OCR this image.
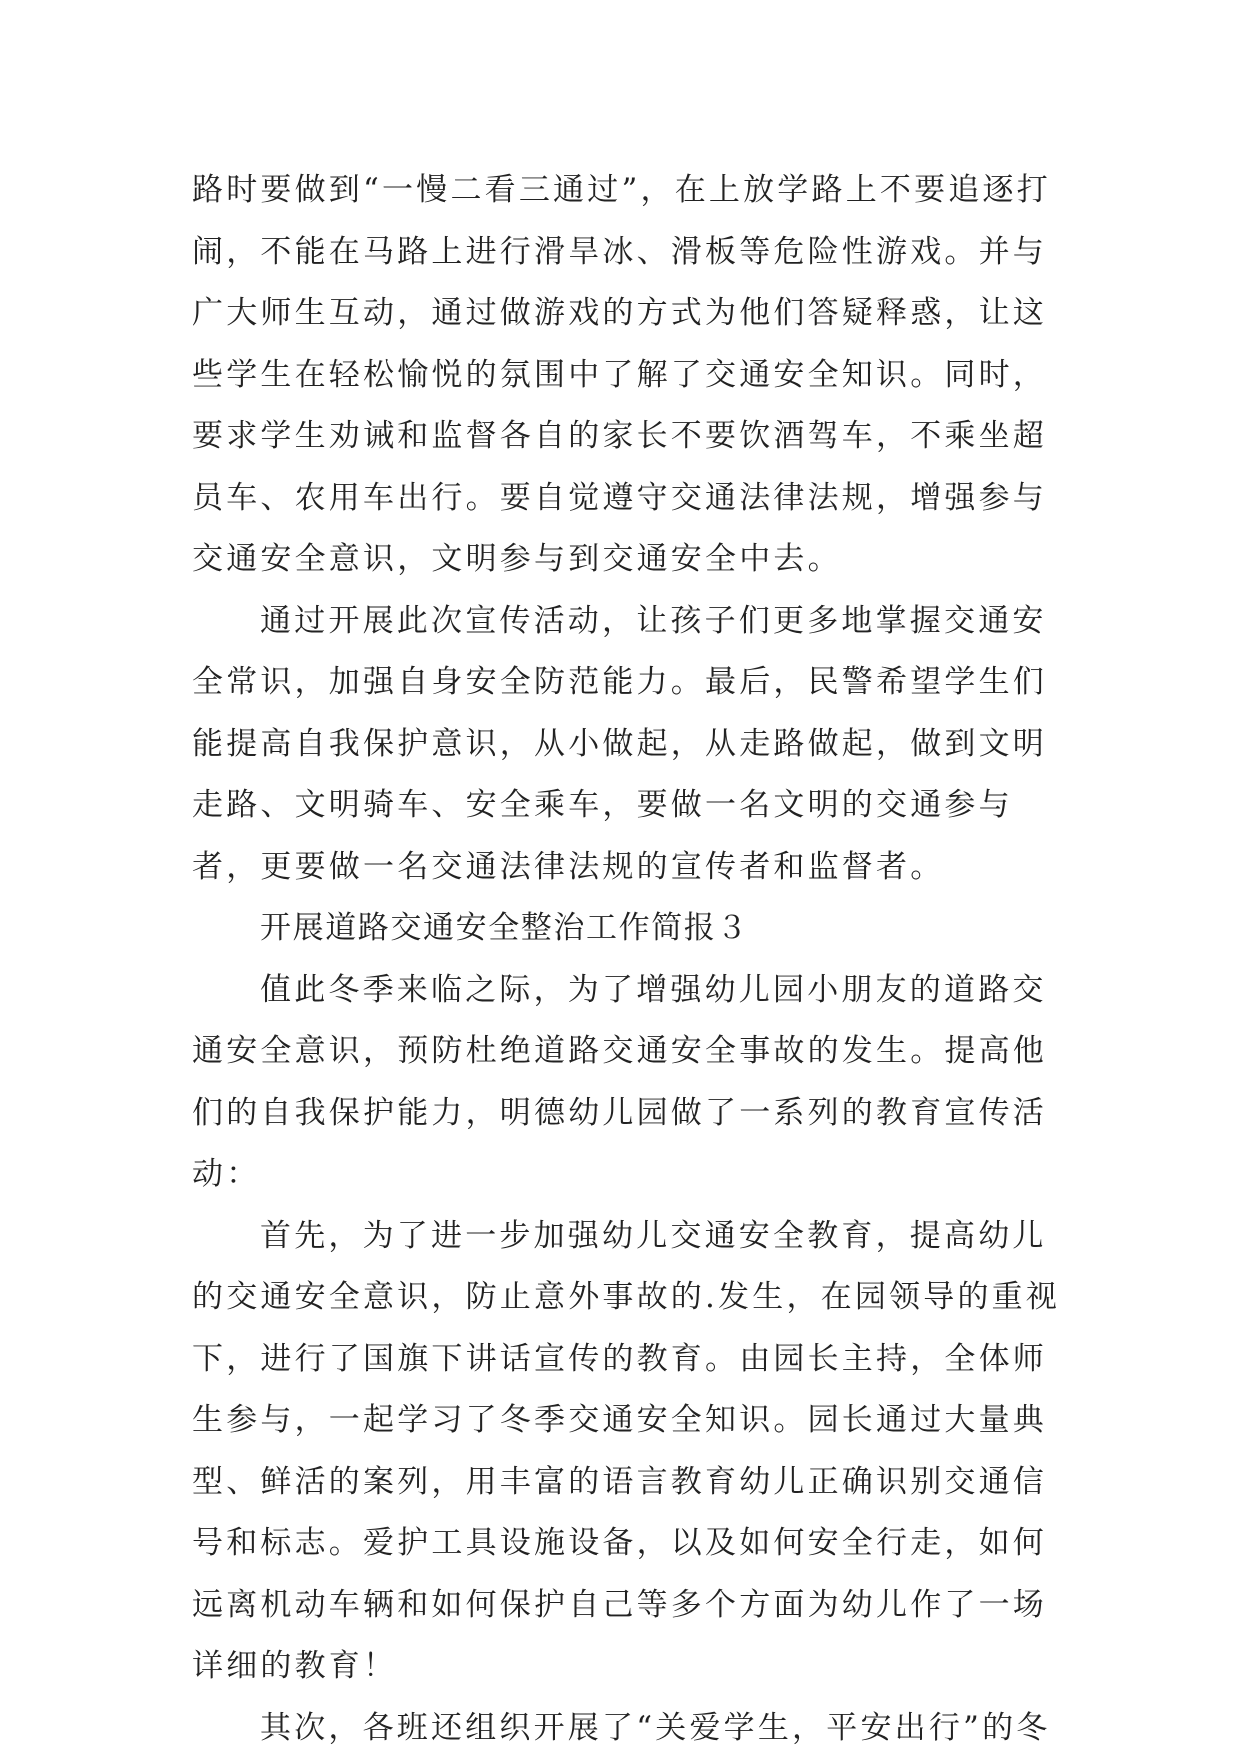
路时要做到“一慢二看三通过”，在上放学路上不要追逐打闹，不能在马路上进行滑旱冰、滑板等危险性游戏。并与广大师生互动，通过做游戏的方式为他们答疑释惑，让这些学生在轻松愉悦的氛围中了解了交通安全知识。同时，要求学生劝诫和监督各自的家长不要饮酒驾车，不乘坐超员车、农用车出行。要自觉遵守交通法律法规，增强参与交通安全意识，文明参与到交通安全中去。

通过开展此次宣传活动，让孩子们更多地掌握交通安全常识，加强自身安全防范能力。最后，民警希望学生们能提高自我保护意识，从小做起，从走路做起，做到文明走路、文明骑车、安全乘车，要做一名文明的交通参与者，更要做一名交通法律法规的宣传者和监督者。

开展道路交通安全整治工作简报３

值此冬季来临之际，为了增强幼儿园小朋友的道路交通安全意识，预防杜绝道路交通安全事故的发生。提高他们的自我保护能力，明德幼儿园做了一系列的教育宣传活动：

首先，为了进一步加强幼儿交通安全教育，提高幼儿的交通安全意识，防止意外事故的.发生，在园领导的重视下，进行了国旗下讲话宣传的教育。由园长主持，全体师生参与，一起学习了冬季交通安全知识。园长通过大量典型、鲜活的案列，用丰富的语言教育幼儿正确识别交通信号和标志。爱护工具设施设备，以及如何安全行走，如何远离机动车辆和如何保护自己等多个方面为幼儿作了一场详细的教育！

其次，各班还组织开展了“关爱学生，平安出行”的冬
